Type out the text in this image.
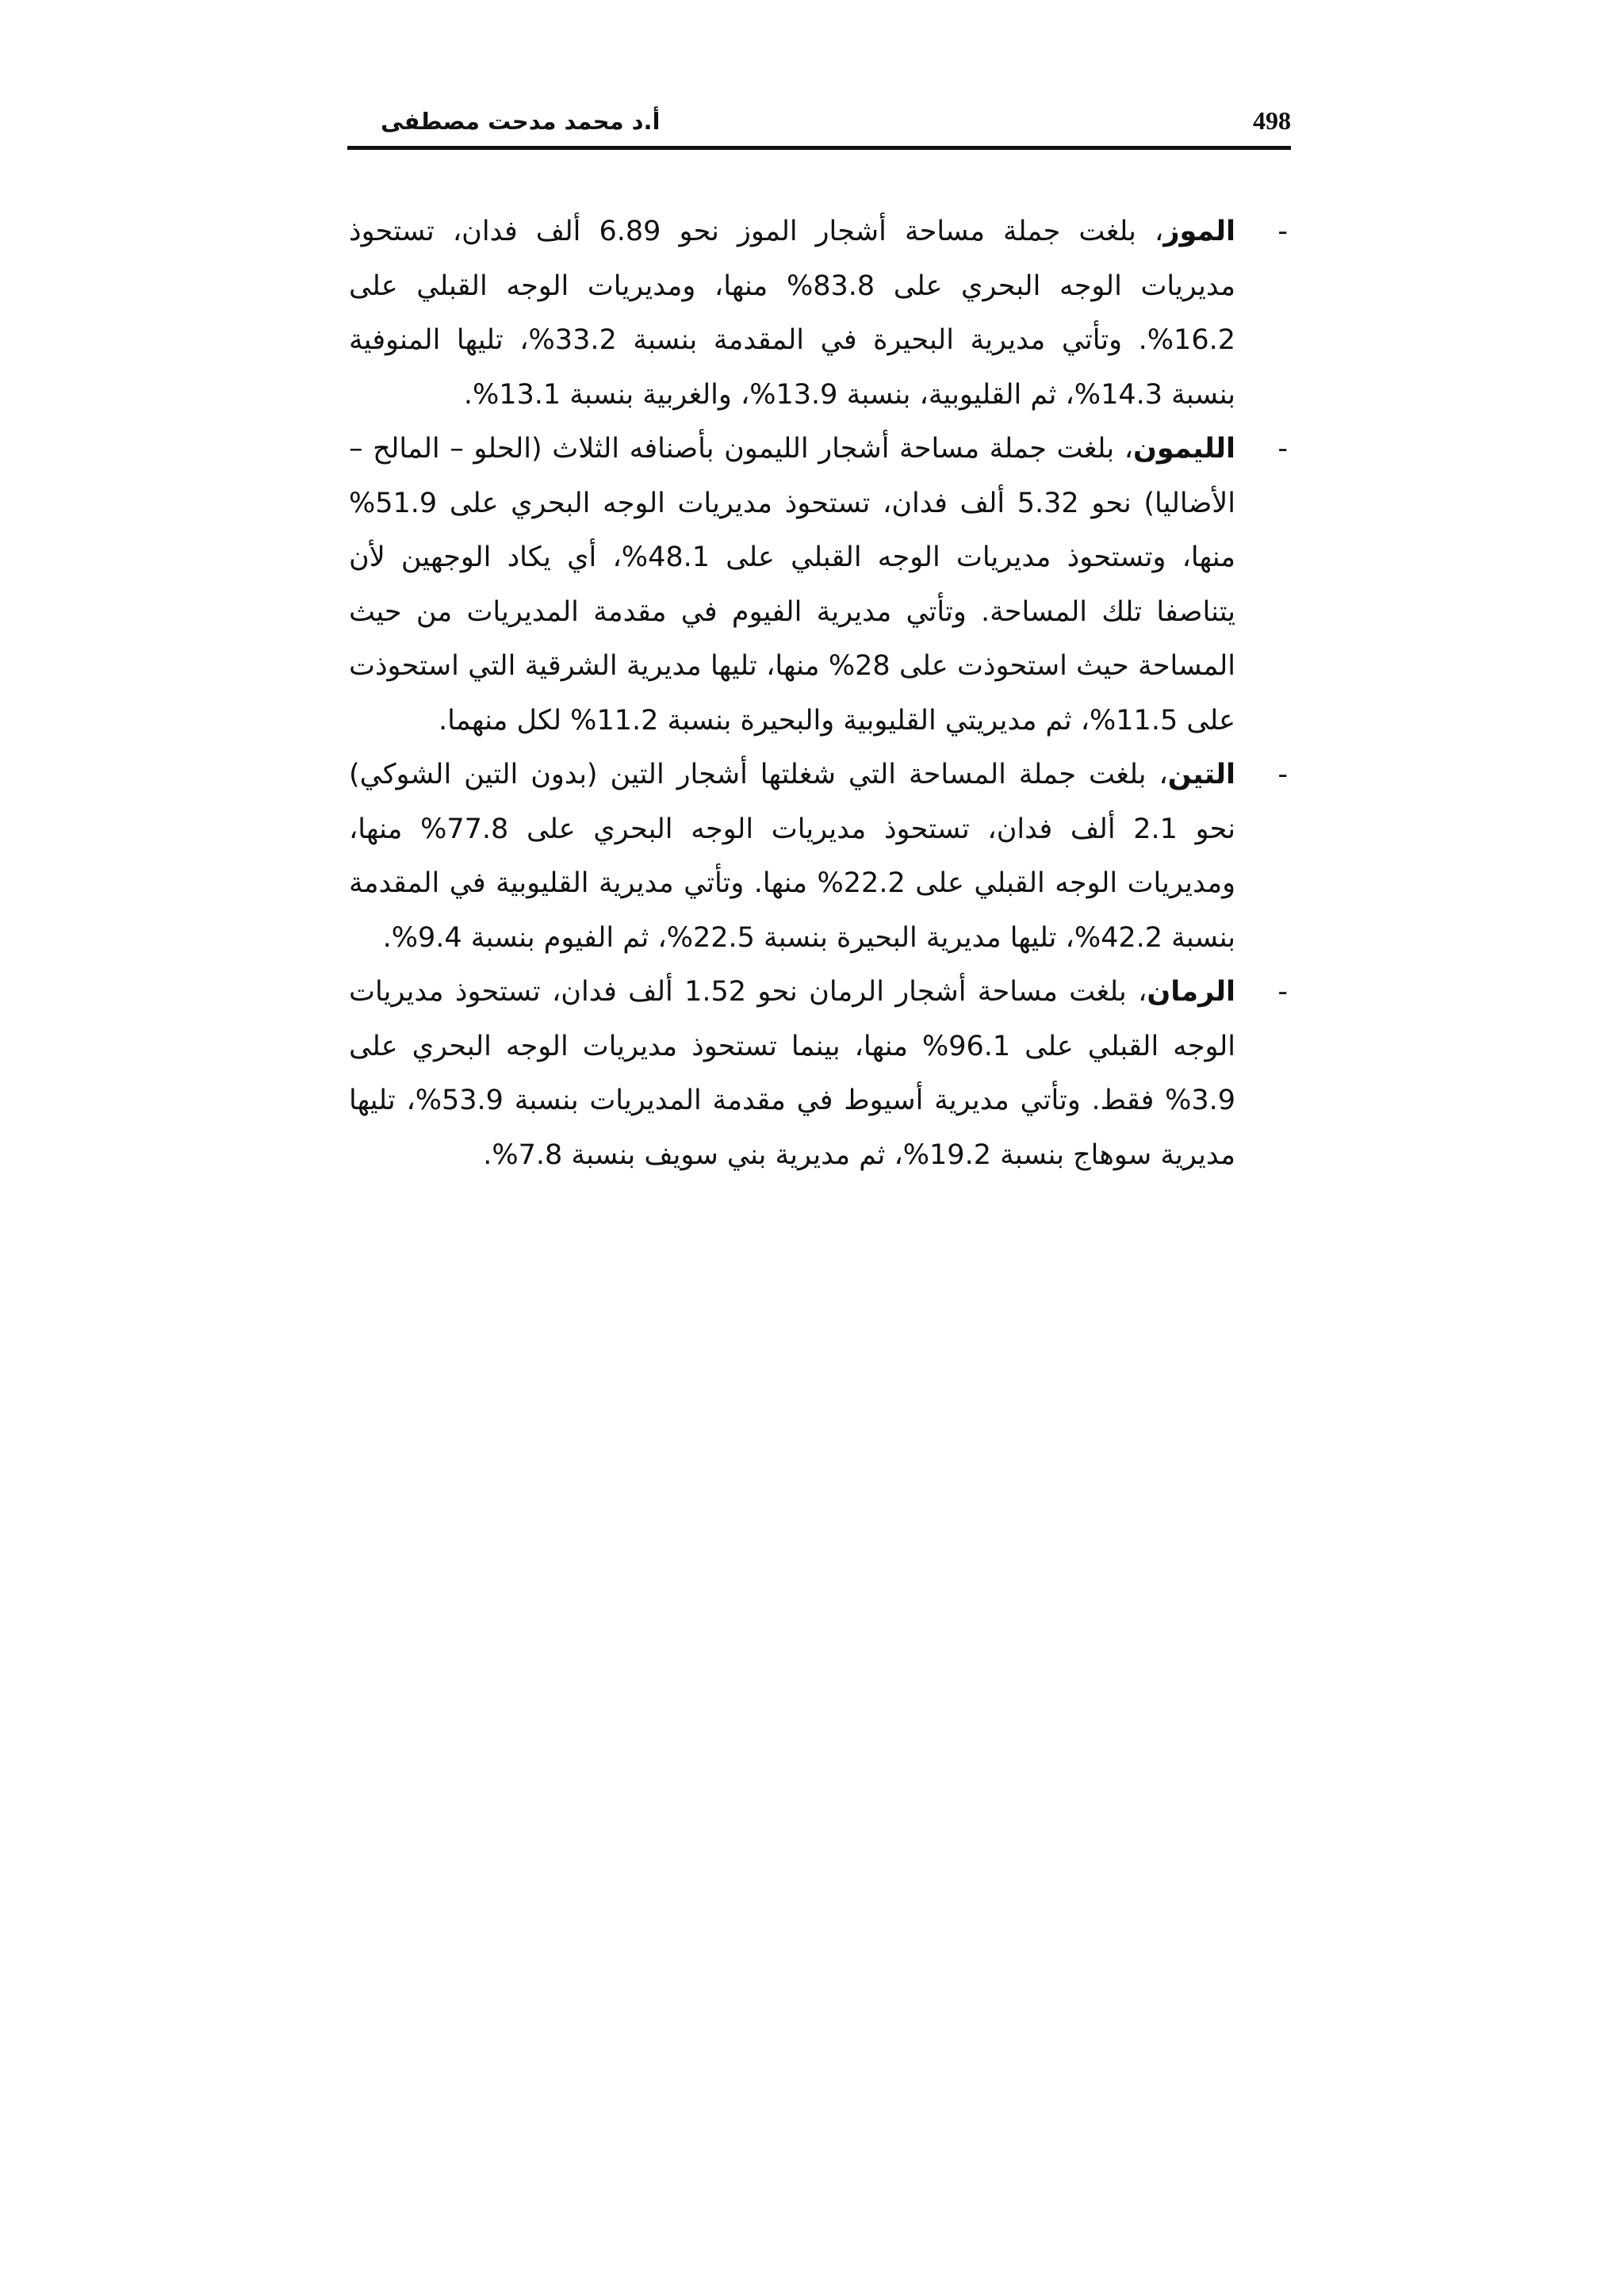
498
أ.د محمد مدحت مصطفى
-
الموز، بلغت جملة مساحة أشجار الموز نحو 6.89 ألف فدان، تستحوذ مديريات الوجه البحري على 83.8% منها، ومديريات الوجه القبلي على 16.2%. وتأتي مديرية البحيرة في المقدمة بنسبة 33.2%، تليها المنوفية بنسبة 14.3%، ثم القليوبية، بنسبة 13.9%، والغربية بنسبة 13.1%.
-
الليمون، بلغت جملة مساحة أشجار الليمون بأصنافه الثلاث (الحلو – المالح – الأضاليا) نحو 5.32 ألف فدان، تستحوذ مديريات الوجه البحري على 51.9% منها، وتستحوذ مديريات الوجه القبلي على 48.1%، أي يكاد الوجهين لأن يتناصفا تلك المساحة. وتأتي مديرية الفيوم في مقدمة المديريات من حيث المساحة حيث استحوذت على 28% منها، تليها مديرية الشرقية التي استحوذت على 11.5%، ثم مديريتي القليوبية والبحيرة بنسبة 11.2% لكل منهما.
-
التين، بلغت جملة المساحة التي شغلتها أشجار التين (بدون التين الشوكي) نحو 2.1 ألف فدان، تستحوذ مديريات الوجه البحري على 77.8% منها، ومديريات الوجه القبلي على 22.2% منها. وتأتي مديرية القليوبية في المقدمة بنسبة 42.2%، تليها مديرية البحيرة بنسبة 22.5%، ثم الفيوم بنسبة 9.4%.
-
الرمان، بلغت مساحة أشجار الرمان نحو 1.52 ألف فدان، تستحوذ مديريات الوجه القبلي على 96.1% منها، بينما تستحوذ مديريات الوجه البحري على 3.9% فقط. وتأتي مديرية أسيوط في مقدمة المديريات بنسبة 53.9%، تليها مديرية سوهاج بنسبة 19.2%، ثم مديرية بني سويف بنسبة 7.8%.
